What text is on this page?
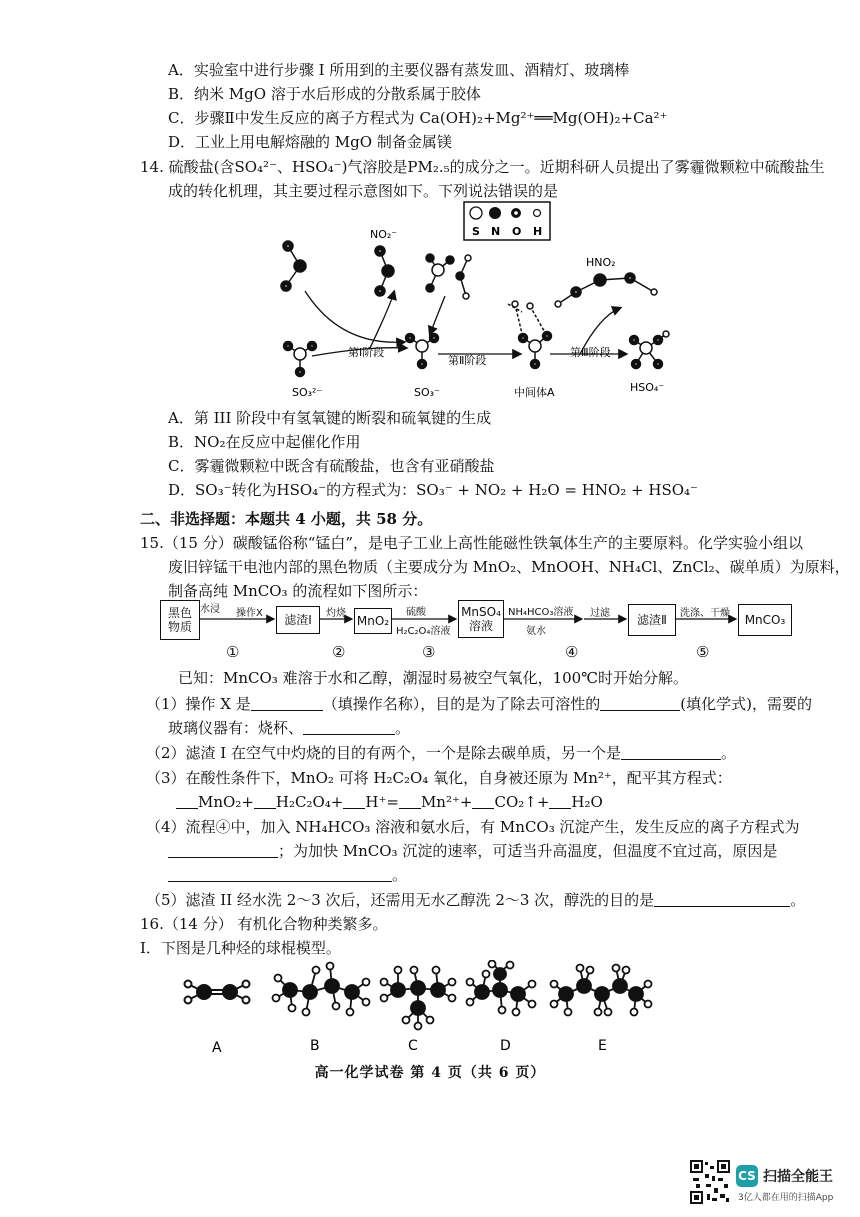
A．实验室中进行步骤 I 所用到的主要仪器有蒸发皿、酒精灯、玻璃棒
B．纳米 MgO 溶于水后形成的分散系属于胶体
C．步骤Ⅱ中发生反应的离子方程式为 Ca(OH)₂+Mg²⁺══Mg(OH)₂+Ca²⁺
D．工业上用电解熔融的 MgO 制备金属镁
14. 硫酸盐(含SO₄²⁻、HSO₄⁻)气溶胶是PM₂.₅的成分之一。近期科研人员提出了雾霾微颗粒中硫酸盐生
成的转化机理，其主要过程示意图如下。下列说法错误的是
S N O H
NO₂⁻
HNO₂
SO₃²⁻	SO₃⁻	中间体A	HSO₄⁻
第Ⅰ阶段
第Ⅱ阶段
第Ⅲ阶段
A．第 III 阶段中有氢氧键的断裂和硫氧键的生成
B．NO₂在反应中起催化作用
C．雾霾微颗粒中既含有硫酸盐，也含有亚硝酸盐
D．SO₃⁻转化为HSO₄⁻的方程式为：SO₃⁻ + NO₂ + H₂O = HNO₂ + HSO₄⁻
二、非选择题：本题共 4 小题，共 58 分。
15.（15 分）碳酸锰俗称“锰白”，是电子工业上高性能磁性铁氧体生产的主要原料。化学实验小组以
废旧锌锰干电池内部的黑色物质（主要成分为 MnO₂、MnOOH、NH₄Cl、ZnCl₂、碳单质）为原料，
制备高纯 MnCO₃ 的流程如下图所示：
黑色
物质
水浸 操作X	滤渣Ⅰ	灼烧
MnO₂
硫酸
H₂C₂O₄溶液
MnSO₄
溶液
NH₄HCO₃溶液
氨水
过滤	滤渣Ⅱ	洗涤、干燥	MnCO₃
①	②	③	④	⑤
已知：MnCO₃ 难溶于水和乙醇，潮湿时易被空气氧化，100℃时开始分解。
（1）操作 X 是	（填操作名称），目的是为了除去可溶性的	(填化学式)，需要的
玻璃仪器有：烧杯、	。
（2）滤渣 I 在空气中灼烧的目的有两个，一个是除去碳单质，另一个是	。
（3）在酸性条件下，MnO₂ 可将 H₂C₂O₄ 氧化，自身被还原为 Mn²⁺，配平其方程式：
MnO₂+ H₂C₂O₄+ H⁺= Mn²⁺+ CO₂↑+ H₂O
（4）流程④中，加入 NH₄HCO₃ 溶液和氨水后，有 MnCO₃ 沉淀产生，发生反应的离子方程式为
；为加快 MnCO₃ 沉淀的速率，可适当升高温度，但温度不宜过高，原因是
。
（5）滤渣 II 经水洗 2～3 次后，还需用无水乙醇洗 2～3 次，醇洗的目的是	。
16.（14 分） 有机化合物种类繁多。
I．下图是几种烃的球棍模型。
A	B	C	D	E
高一化学试卷 第 4 页（共 6 页）
CS 扫描全能王
3亿人都在用的扫描App
